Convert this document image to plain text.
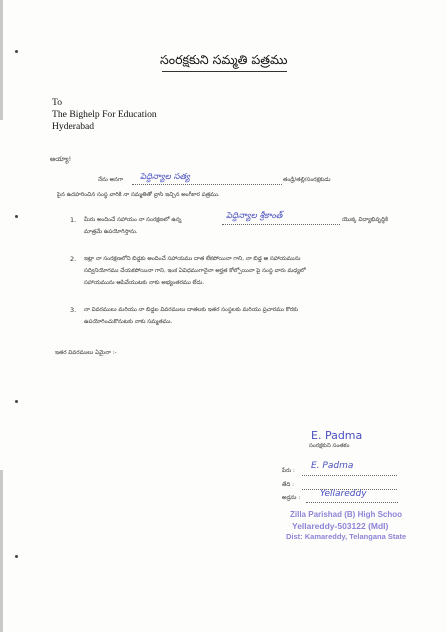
సంరక్షకుని సమ్మతి పత్రము
To
The Bighelp For Education
Hyderabad
అయ్యా!
నేను అనగా పెద్దిన్యాల సత్య	తండ్రి/తల్లి/సంరక్షకుడు
పైన ఉదహరించిన సంస్థ వారికి నా సమ్మతితో వ్రాసి ఇచ్చిన అంగీకార పత్రము.
1. మీరు అందించే సహాయం నా సంరక్షణలో ఉన్న	పెద్దిన్యాల శ్రీకాంత్	యొక్క విద్యాభివృద్ధికి
మాత్రమే ఉపయోగిస్తాను.
2. ఇట్లా నా సంరక్షణలోని బిడ్డకు అందించే సహాయము దాత లేకపోయినా గాని, నా బిడ్డ ఆ సహాయమును
సద్వినియోగము చేయకపోయినా గాని, ఇంక ఏవిధముగానైనా అర్హత కోల్పోయినా పై సంస్థ వారు మధ్యలో
సహాయమును ఆపివేయుటకు నాకు అభ్యంతరము లేదు.
3. నా వివరములు మరియు నా బిడ్డల వివరములు దాతలకు ఇతర సంస్థలకు మరియు ప్రచారము కొరకు
ఉపయోగించుకొనుటకు నాకు సమ్మతము.
ఇతర వివరములు ఏమైనా :-
E. Padma
సంరక్షకుని సంతకం
పేరు : E. Padma
తేది :
అడ్రను : Yellareddy
Zilla Parishad (B) High Schoo
Yellareddy-503122 (Mdl)
Dist: Kamareddy, Telangana State
